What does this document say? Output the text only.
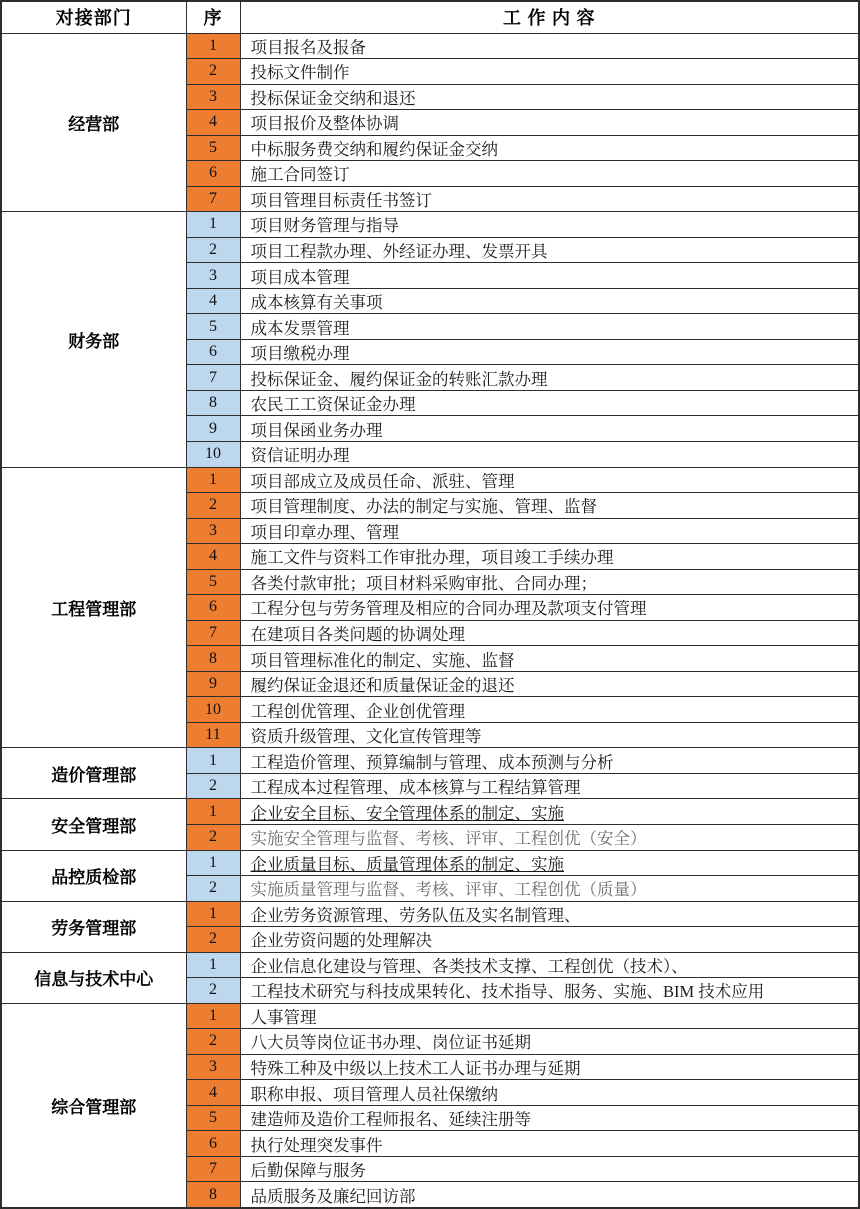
对接部门	序	工 作 内 容
经营部	1	项目报名及报备
	2	投标文件制作
	3	投标保证金交纳和退还
	4	项目报价及整体协调
	5	中标服务费交纳和履约保证金交纳
	6	施工合同签订
	7	项目管理目标责任书签订
财务部	1	项目财务管理与指导
	2	项目工程款办理、外经证办理、发票开具
	3	项目成本管理
	4	成本核算有关事项
	5	成本发票管理
	6	项目缴税办理
	7	投标保证金、履约保证金的转账汇款办理
	8	农民工工资保证金办理
	9	项目保函业务办理
	10	资信证明办理
工程管理部	1	项目部成立及成员任命、派驻、管理
	2	项目管理制度、办法的制定与实施、管理、监督
	3	项目印章办理、管理
	4	施工文件与资料工作审批办理，项目竣工手续办理
	5	各类付款审批；项目材料采购审批、合同办理；
	6	工程分包与劳务管理及相应的合同办理及款项支付管理
	7	在建项目各类问题的协调处理
	8	项目管理标准化的制定、实施、监督
	9	履约保证金退还和质量保证金的退还
	10	工程创优管理、企业创优管理
	11	资质升级管理、文化宣传管理等
造价管理部	1	工程造价管理、预算编制与管理、成本预测与分析
	2	工程成本过程管理、成本核算与工程结算管理
安全管理部	1	企业安全目标、安全管理体系的制定、实施
	2	实施安全管理与监督、考核、评审、工程创优（安全）
品控质检部	1	企业质量目标、质量管理体系的制定、实施
	2	实施质量管理与监督、考核、评审、工程创优（质量）
劳务管理部	1	企业劳务资源管理、劳务队伍及实名制管理、
	2	企业劳资问题的处理解决
信息与技术中心	1	企业信息化建设与管理、各类技术支撑、工程创优（技术）、
	2	工程技术研究与科技成果转化、技术指导、服务、实施、BIM 技术应用
综合管理部	1	人事管理
	2	八大员等岗位证书办理、岗位证书延期
	3	特殊工种及中级以上技术工人证书办理与延期
	4	职称申报、项目管理人员社保缴纳
	5	建造师及造价工程师报名、延续注册等
	6	执行处理突发事件
	7	后勤保障与服务
	8	品质服务及廉纪回访部
